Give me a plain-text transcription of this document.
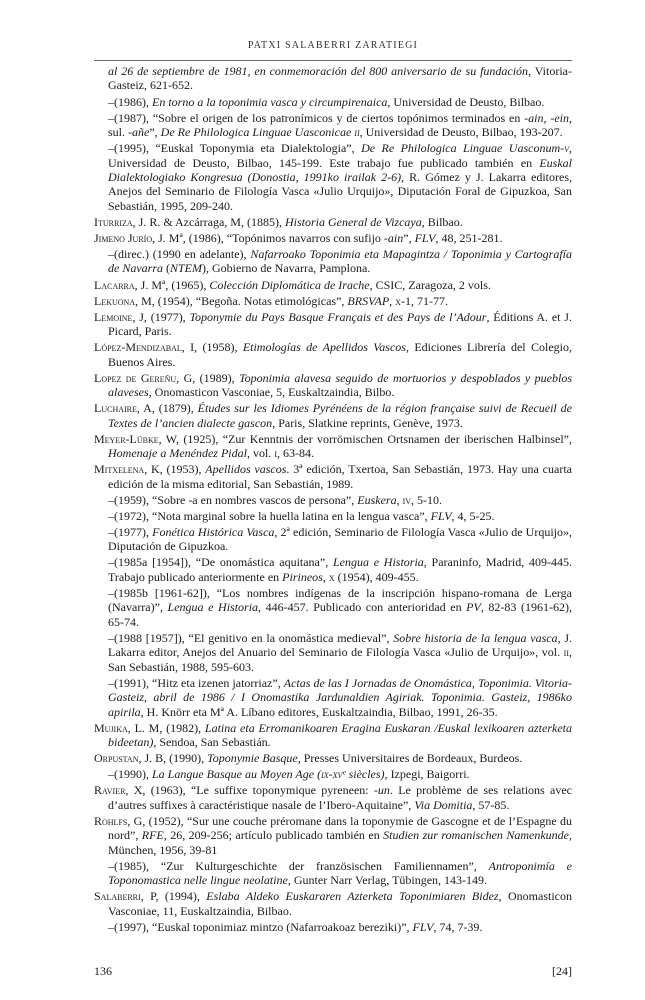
PATXI SALABERRI ZARATIEGI

al 26 de septiembre de 1981, en conmemoración del 800 aniversario de su fundación, Vitoria-Gasteiz, 621-652.

–(1986), En torno a la toponimia vasca y circumpirenaica, Universidad de Deusto, Bilbao.

–(1987), “Sobre el origen de los patronímicos y de ciertos topónimos terminados en -ain, -ein, sul. -añe”, De Re Philologica Linguae Uasconicae ii, Universidad de Deusto, Bilbao, 193-207.

–(1995), “Euskal Toponymia eta Dialektologia”, De Re Philologica Linguae Uasconum-v, Universidad de Deusto, Bilbao, 145-199. Este trabajo fue publicado también en Euskal Dialektologiako Kongresua (Donostia, 1991ko irailak 2-6), R. Gómez y J. Lakarra editores, Anejos del Seminario de Filología Vasca «Julio Urquijo», Diputación Foral de Gipuzkoa, San Sebastián, 1995, 209-240.

Iturriza, J. R. & Azcárraga, M, (1885), Historia General de Vizcaya, Bilbao.

Jimeno Jurío, J. Mª, (1986), “Topónimos navarros con sufijo -ain”, FLV, 48, 251-281.

–(direc.) (1990 en adelante), Nafarroako Toponimia eta Mapagintza / Toponimia y Cartografía de Navarra (NTEM), Gobierno de Navarra, Pamplona.

Lacarra, J. Mª, (1965), Colección Diplomática de Irache, CSIC, Zaragoza, 2 vols.

Lekuona, M, (1954), “Begoña. Notas etimológicas”, BRSVAP, x-1, 71-77.

Lemoine, J, (1977), Toponymie du Pays Basque Français et des Pays de l’Adour, Éditions A. et J. Picard, Paris.

López-Mendizabal, I, (1958), Etimologías de Apellidos Vascos, Ediciones Librería del Colegio, Buenos Aires.

Lopez de Gereñu, G, (1989), Toponimia alavesa seguido de mortuorios y despoblados y pueblos alaveses, Onomasticon Vasconiae, 5, Euskaltzaindia, Bilbo.

Luchaire, A, (1879), Études sur les Idiomes Pyrénéens de la région française suivi de Recueil de Textes de l’ancien dialecte gascon, Paris, Slatkine reprints, Genève, 1973.

Meyer-Lübke, W, (1925), “Zur Kenntnis der vorrömischen Ortsnamen der iberischen Halbinsel”, Homenaje a Menéndez Pidal, vol. i, 63-84.

Mitxelena, K, (1953), Apellidos vascos. 3ª edición, Txertoa, San Sebastián, 1973. Hay una cuarta edición de la misma editorial, San Sebastián, 1989.

–(1959), “Sobre -a en nombres vascos de persona”, Euskera, iv, 5-10.

–(1972), “Nota marginal sobre la huella latina en la lengua vasca”, FLV, 4, 5-25.

–(1977), Fonética Histórica Vasca, 2ª edición, Seminario de Filología Vasca «Julio de Urquijo», Diputación de Gipuzkoa.

–(1985a [1954]), “De onomástica aquitana”, Lengua e Historia, Paraninfo, Madrid, 409-445. Trabajo publicado anteriormente en Pirineos, x (1954), 409-455.

–(1985b [1961-62]), “Los nombres indígenas de la inscripción hispano-romana de Lerga (Navarra)”, Lengua e Historia, 446-457. Publicado con anterioridad en PV, 82-83 (1961-62), 65-74.

–(1988 [1957]), “El genitivo en la onomástica medieval”, Sobre historia de la lengua vasca, J. Lakarra editor, Anejos del Anuario del Seminario de Filología Vasca «Julio de Urquijo», vol. ii, San Sebastián, 1988, 595-603.

–(1991), “Hitz eta izenen jatorriaz”, Actas de las I Jornadas de Onomástica, Toponimia. Vitoria-Gasteiz, abril de 1986 / I Onomastika Jardunaldien Agiriak. Toponimia. Gasteiz, 1986ko apirila, H. Knörr eta Mª A. Líbano editores, Euskaltzaindia, Bilbao, 1991, 26-35.

Mujika, L. M, (1982), Latina eta Erromanikoaren Eragina Euskaran /Euskal lexikoaren azterketa bideetan), Sendoa, San Sebastián.

Orpustan, J. B, (1990), Toponymie Basque, Presses Universitaires de Bordeaux, Burdeos.

–(1990), La Langue Basque au Moyen Age (ix-xvᵉ siècles), Izpegi, Baigorri.

Ravier, X, (1963), “Le suffixe toponymique pyreneen: -un. Le problème de ses relations avec d’autres suffixes à caractéristique nasale de l’Ibero-Aquitaine”, Via Domitia, 57-85.

Rohlfs, G, (1952), “Sur une couche préromane dans la toponymie de Gascogne et de l’Espagne du nord”, RFE, 26, 209-256; artículo publicado también en Studien zur romanischen Namenkunde, München, 1956, 39-81

–(1985), “Zur Kulturgeschichte der französischen Familiennamen”, Antroponimía e Toponomastica nelle lingue neolatine, Gunter Narr Verlag, Tübingen, 143-149.

Salaberri, P, (1994), Eslaba Aldeko Euskararen Azterketa Toponimiaren Bidez, Onomasticon Vasconiae, 11, Euskaltzaindia, Bilbao.

–(1997), “Euskal toponimiaz mintzo (Nafarroakoaz bereziki)”, FLV, 74, 7-39.

136	[24]
